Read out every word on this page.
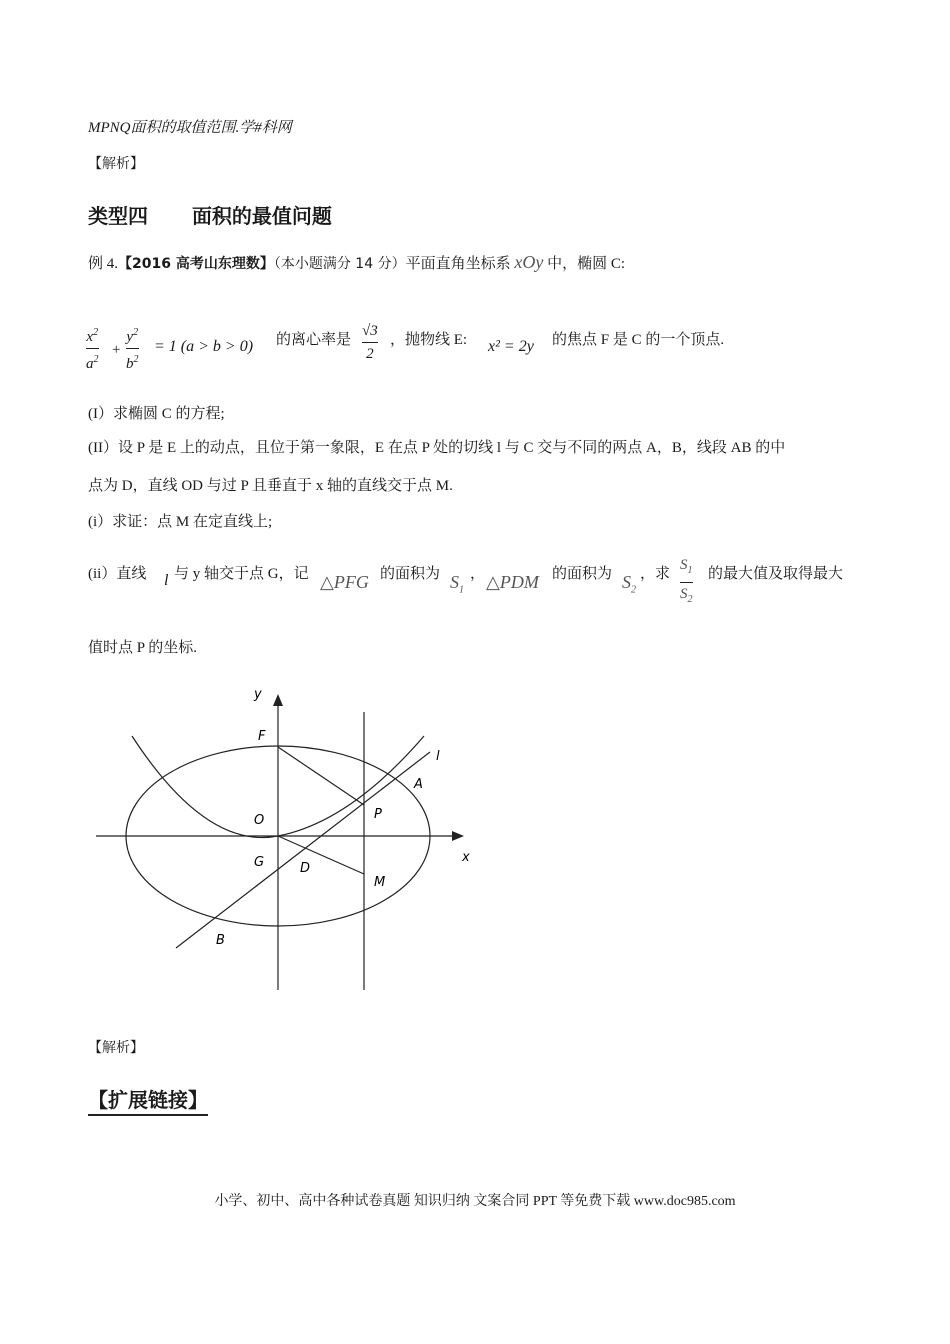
MPNQ面积的取值范围.学#科网
【解析】
类型四 面积的最值问题
例 4.【2016 高考山东理数】（本小题满分 14 分）平面直角坐标系 xOy 中，椭圆 C:
$x^2$
$a^2$
+
$y^2$
$b^2$
= 1 (a > b > 0) 的离心率是
√3
2
，抛物线 E: x² = 2y 的焦点 F 是 C 的一个顶点.
(I）求椭圆 C 的方程;
(II）设 P 是 E 上的动点，且位于第一象限，E 在点 P 处的切线 l 与 C 交与不同的两点 A，B，线段 AB 的中
点为 D，直线 OD 与过 P 且垂直于 x 轴的直线交于点 M.
(i）求证：点 M 在定直线上;
(ii）直线 l 与 y 轴交于点 G，记 △PFG 的面积为 $S_1$
， △PDM 的面积为 $S_2$
，求
$S_1$
$S_2$
的最大值及取得最大
值时点 P 的坐标.
y
x
F
O
G	D
P
A
M
B
l
【解析】
【扩展链接】
小学、初中、高中各种试卷真题 知识归纳 文案合同 PPT 等免费下载 www.doc985.com
